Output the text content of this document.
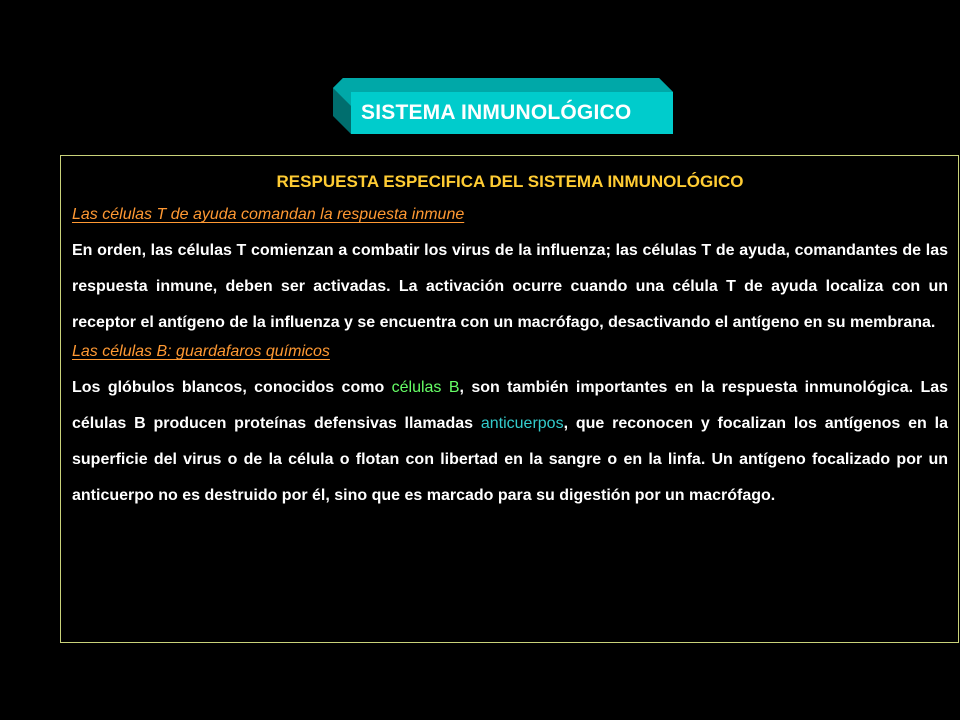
SISTEMA INMUNOLÓGICO
RESPUESTA ESPECIFICA DEL SISTEMA INMUNOLÓGICO
Las células T de ayuda comandan la respuesta inmune

En orden, las células T comienzan a combatir los virus de la influenza; las células T de ayuda, comandantes de las respuesta inmune, deben ser activadas. La activación ocurre cuando una célula T de ayuda localiza con un receptor el antígeno de la influenza y se encuentra con un macrófago, desactivando el antígeno en su membrana.

Las células B: guardafaros químicos

Los glóbulos blancos, conocidos como células B, son también importantes en la respuesta inmunológica. Las células B producen proteínas defensivas llamadas anticuerpos, que reconocen y focalizan los antígenos en la superficie del virus o de la célula o flotan con libertad en la sangre o en la linfa. Un antígeno focalizado por un anticuerpo no es destruido por él, sino que es marcado para su digestión por un macrófago.
